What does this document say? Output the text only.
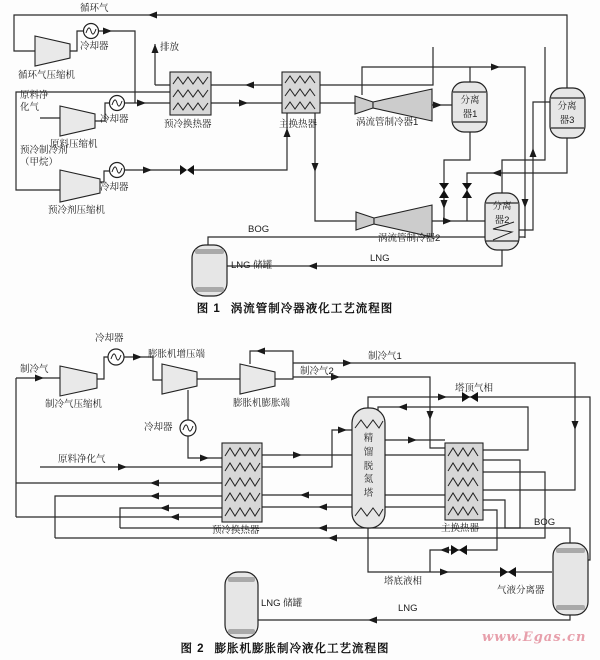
循环气
冷却器
循环气压缩机
排放
原料净化气
冷却器
原料压缩机
预冷制冷剂（甲烷）
冷却器
预冷剂压缩机
预冷换热器	主换热器	涡流管制冷器1
涡流管制冷器2
分离器1
分离器2
分离器3
BOG
LNG 储罐
LNG
图 1 涡流管制冷器液化工艺流程图
冷却器
制冷气
制冷气压缩机
膨胀机增压端
膨胀机膨胀端
冷却器
原料净化气
预冷换热器	主换热器
精馏脱氮塔
制冷气1
制冷气2
塔顶气相
塔底液相
气液分离器
BOG
LNG
LNG 储罐
图 2 膨胀机膨胀制冷液化工艺流程图
www.Egas.cn
